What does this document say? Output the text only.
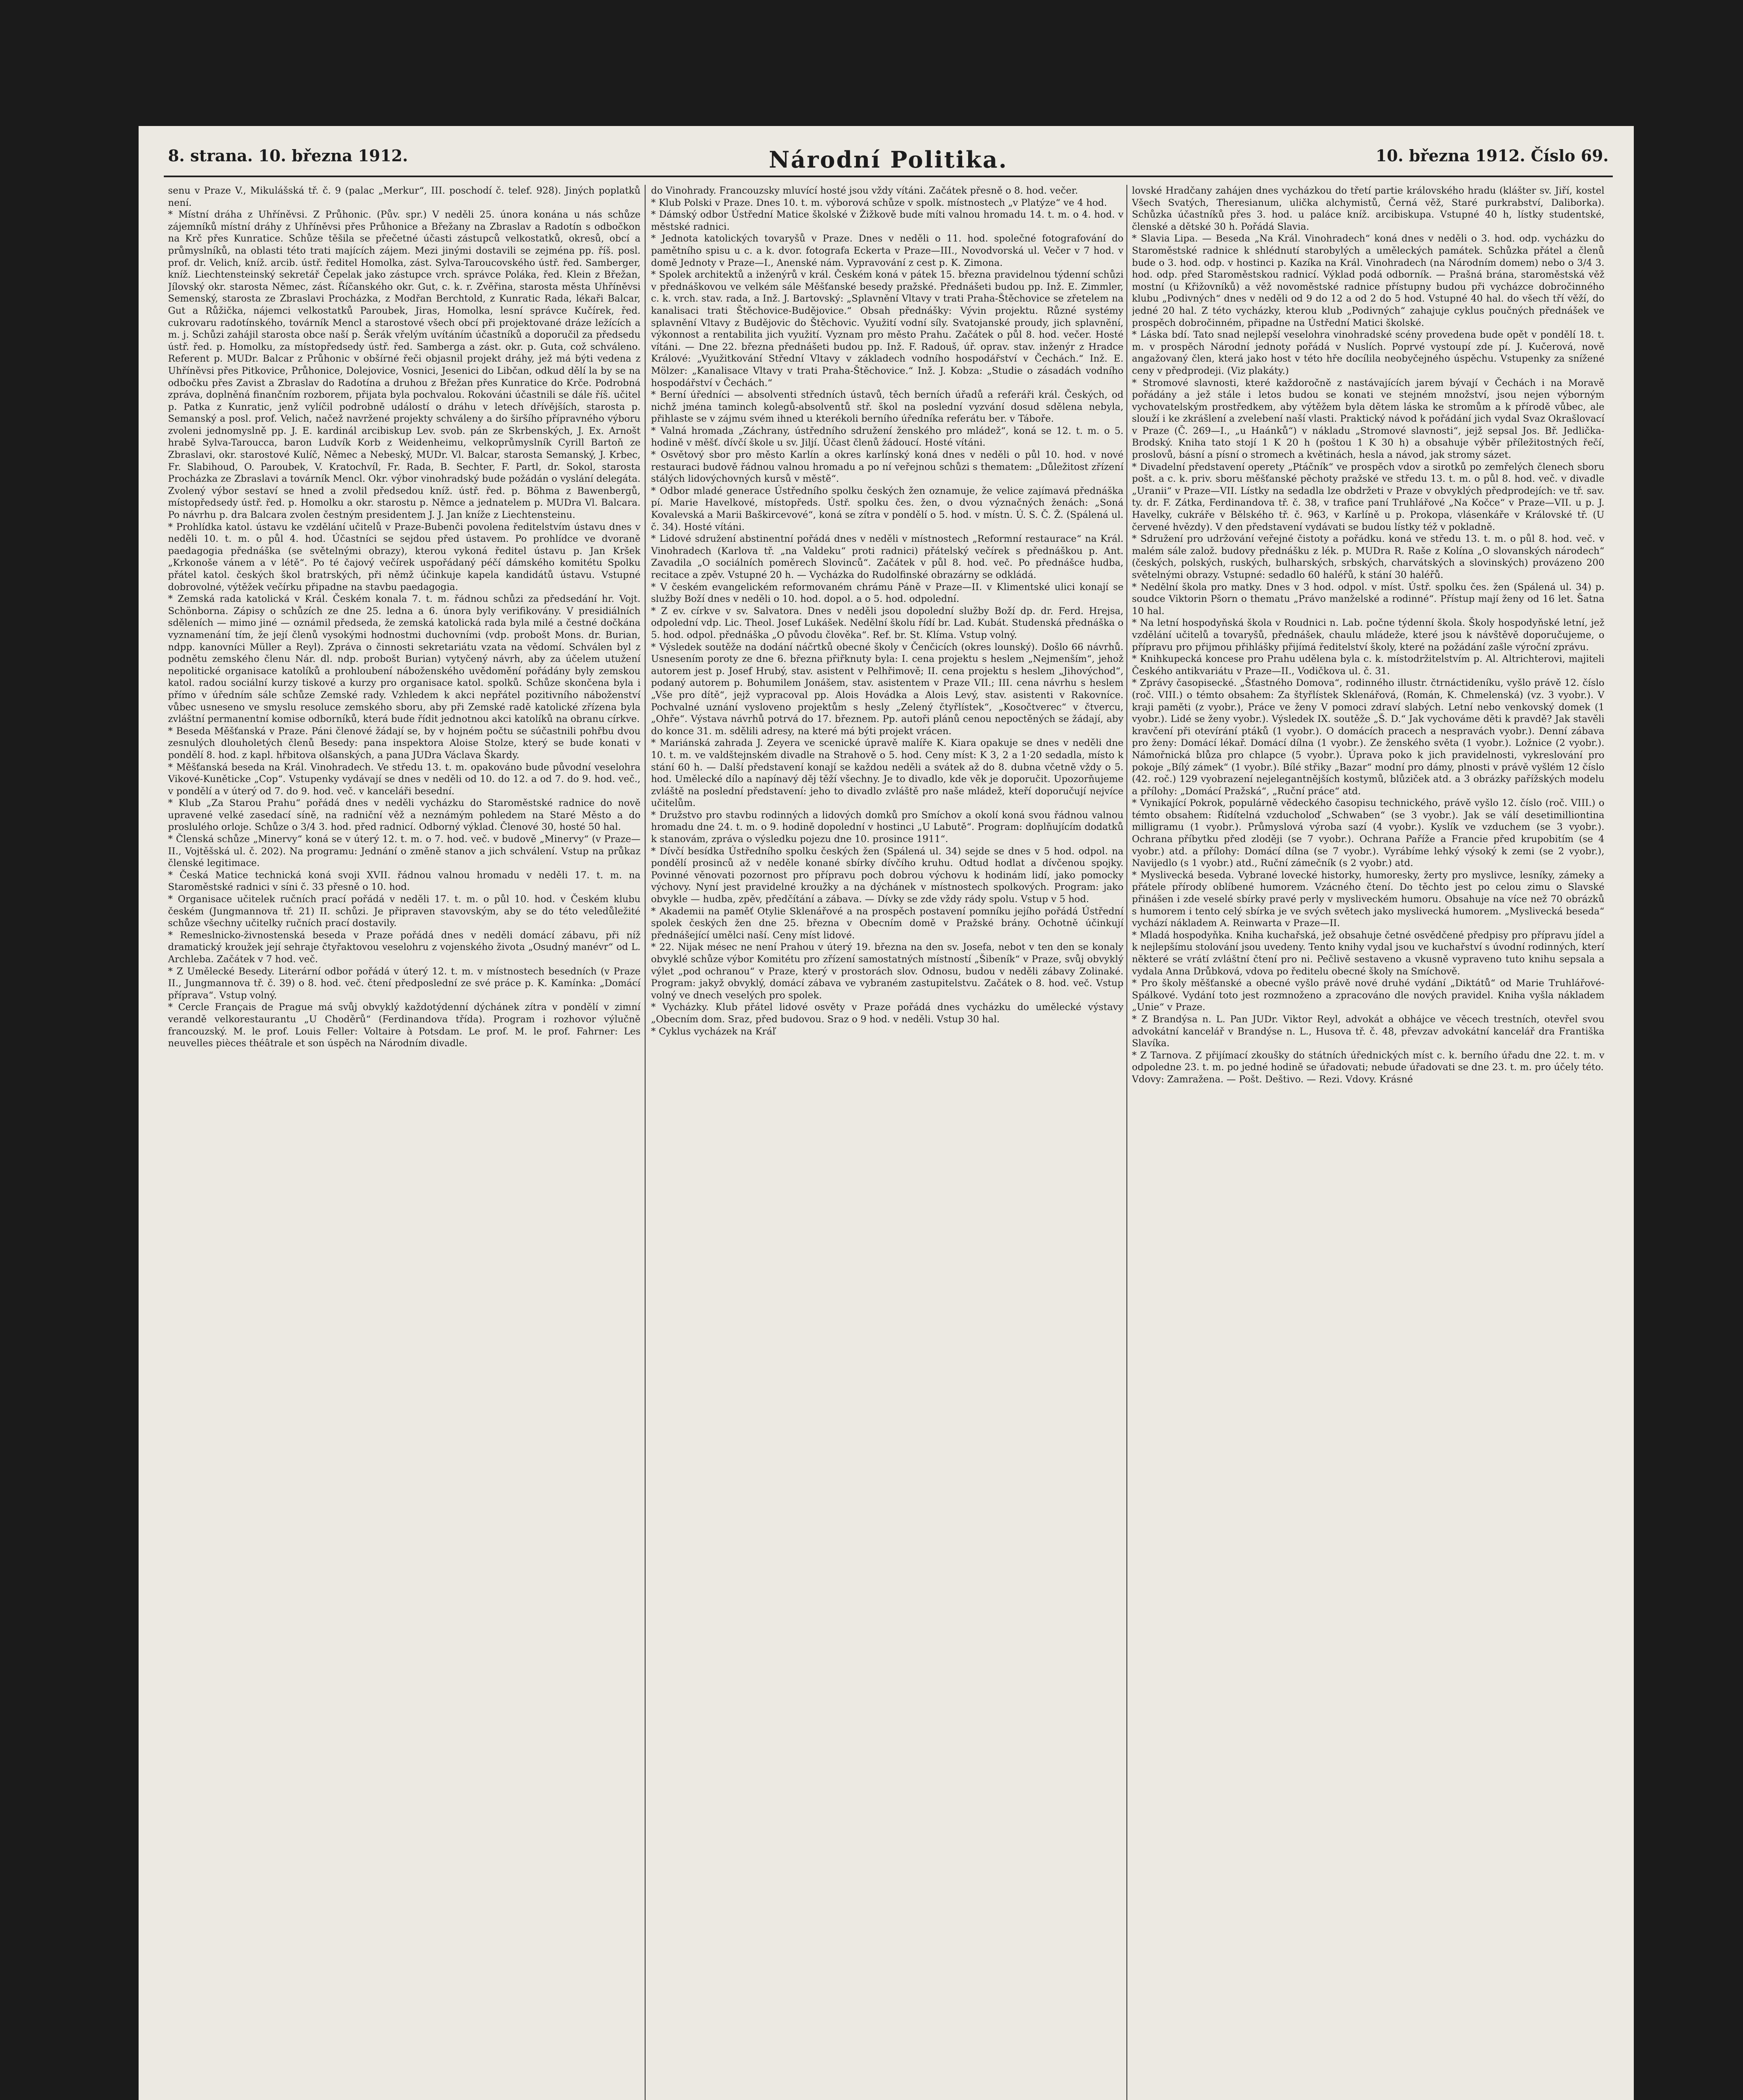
8. strana. 10. března 1912.	Národní Politika.	10. března 1912. Číslo 69.

senu v Praze V., Mikulášská tř. č. 9 (palac „Merkur“, III. poschodí č. telef. 928). Jiných poplatků není.

* Místní dráha z Uhříněvsi. Z Průhonic. (Pův. spr.) V neděli 25. února konána u nás schůze zájemníků místní dráhy z Uhříněvsi přes Průhonice a Břežany na Zbraslav a Radotín s odbočkon na Krč přes Kunratice. Schůze těšila se přečetné účasti zástupců velkostatků, okresů, obcí a průmyslníků, na oblasti této trati majících zájem. Mezi jinými dostavili se zejména pp. říš. posl. prof. dr. Velich, kníž. arcib. ústř. ředitel Homolka, zást. Sylva-Taroucovského ústř. řed. Samberger, kníž. Liechtensteinský sekretář Čepelak jako zástupce vrch. správce Poláka, řed. Klein z Břežan, Jílovský okr. starosta Němec, zást. Říčanského okr. Gut, c. k. r. Zvěřina, starosta města Uhříněvsi Semenský, starosta ze Zbraslavi Procházka, z Modřan Berchtold, z Kunratic Rada, lékaři Balcar, Gut a Růžička, nájemci velkostatků Paroubek, Jiras, Homolka, lesní správce Kučírek, řed. cukrovaru radotínského, továrník Mencl a starostové všech obcí při projektované dráze ležících a m. j. Schůzi zahájil starosta obce naší p. Šerák vřelým uvítáním účastníků a doporučil za předsedu ústř. řed. p. Homolku, za místopředsedy ústř. řed. Samberga a zást. okr. p. Guta, což schváleno. Referent p. MUDr. Balcar z Průhonic v obšírné řeči objasnil projekt dráhy, jež má býti vedena z Uhříněvsi přes Pitkovice, Průhonice, Dolejovice, Vosnici, Jesenici do Libčan, odkud dělí la by se na odbočku přes Zavist a Zbraslav do Radotína a druhou z Břežan přes Kunratice do Krče. Podrobná zpráva, doplněná finančním rozborem, přijata byla pochvalou. Rokováni účastnili se dále říš. učitel p. Patka z Kunratic, jenž vylíčil podrobně událostí o dráhu v letech dřívějších, starosta p. Semanský a posl. prof. Velich, načež navržené projekty schváleny a do širšího přípravného výboru zvoleni jednomyslně pp. J. E. kardinál arcibiskup Lev. svob. pán ze Skrbenských, J. Ex. Arnošt hrabě Sylva-Taroucca, baron Ludvík Korb z Weidenheimu, velkoprůmyslník Cyrill Bartoň ze Zbraslavi, okr. starostové Kulíč, Němec a Nebeský, MUDr. Vl. Balcar, starosta Semanský, J. Krbec, Fr. Slabihoud, O. Paroubek, V. Kratochvíl, Fr. Rada, B. Sechter, F. Partl, dr. Sokol, starosta Procházka ze Zbraslavi a továrník Mencl. Okr. výbor vinohradský bude požádán o vyslání delegáta. Zvolený výbor sestaví se hned a zvolil předsedou kníž. ústř. řed. p. Böhma z Bawenbergů, místopředsedy ústř. řed. p. Homolku a okr. starostu p. Němce a jednatelem p. MUDra Vl. Balcara. Po návrhu p. dra Balcara zvolen čestným presidentem J. J. Jan kníže z Liechtensteinu.

* Prohlídka katol. ústavu ke vzdělání učitelů v Praze-Bubenči povolena ředitelstvím ústavu dnes v neděli 10. t. m. o půl 4. hod. Účastníci se sejdou před ústavem. Po prohlídce ve dvoraně paedagogia přednáška (se světelnými obrazy), kterou vykoná ředitel ústavu p. Jan Kršek „Krkonoše vánem a v létě“. Po té čajový večírek uspořádaný péčí dámského komitétu Spolku přátel katol. českých škol bratrských, při němž účinkuje kapela kandidátů ústavu. Vstupné dobrovolné, výtěžek večírku připadne na stavbu paedagogia.

* Zemská rada katolická v Král. Českém konala 7. t. m. řádnou schůzi za předsedání hr. Vojt. Schönborna. Zápisy o schůzích ze dne 25. ledna a 6. února byly verifikovány. V presidiálních sděleních — mimo jiné — oznámil předseda, že zemská katolická rada byla milé a čestné dočkána vyznamenání tím, že její členů vysokými hodnostmi duchovními (vdp. probošt Mons. dr. Burian, ndpp. kanovníci Müller a Reyl). Zpráva o činnosti sekretariátu vzata na vědomí. Schválen byl z podnětu zemského členu Nár. dl. ndp. probošt Burian) vytyčený návrh, aby za účelem utužení nepolitické organisace katolíků a prohloubení náboženského uvědomění pořádány byly zemskou katol. radou sociální kurzy tiskové a kurzy pro organisace katol. spolků. Schůze skončena byla i přímo v úředním sále schůze Zemské rady. Vzhledem k akci nepřátel pozitivního náboženství vůbec usneseno ve smyslu resoluce zemského sboru, aby při Zemské radě katolické zřízena byla zvláštní permanentní komise odborníků, která bude řídit jednotnou akci katolíků na obranu církve.

* Beseda Měšťanská v Praze. Páni členové žádají se, by v hojném počtu se súčastnili pohřbu dvou zesnulých dlouholetých členů Besedy: pana inspektora Aloise Stolze, který se bude konati v pondělí 8. hod. z kapl. hřbitova olšanských, a pana JUDra Václava Škardy.

* Měšťanská beseda na Král. Vinohradech. Ve středu 13. t. m. opakováno bude původní veselohra Vikové-Kuněticke „Cop“. Vstupenky vydávají se dnes v neděli od 10. do 12. a od 7. do 9. hod. več., v pondělí a v úterý od 7. do 9. hod. več. v kanceláři besední.

* Klub „Za Starou Prahu“ pořádá dnes v neděli vycházku do Staroměstské radnice do nově upravené velké zasedací síně, na radniční věž a neznámým pohledem na Staré Město a do proslulého orloje. Schůze o 3/4 3. hod. před radnicí. Odborný výklad. Členové 30, hosté 50 hal.

* Členská schůze „Minervy“ koná se v úterý 12. t. m. o 7. hod. več. v budově „Minervy“ (v Praze—II., Vojtěšská ul. č. 202). Na programu: Jednání o změně stanov a jich schválení. Vstup na průkaz členské legitimace.

* Česká Matice technická koná svoji XVII. řádnou valnou hromadu v neděli 17. t. m. na Staroměstské radnici v síni č. 33 přesně o 10. hod.

* Organisace učitelek ručních prací pořádá v neděli 17. t. m. o půl 10. hod. v Českém klubu českém (Jungmannova tř. 21) II. schůzi. Je připraven stavovským, aby se do této veledůležité schůze všechny učitelky ručních prací dostavily.

* Remeslnicko-živnostenská beseda v Praze pořádá dnes v neděli domácí zábavu, při níž dramatický kroužek její sehraje čtyřaktovou veselohru z vojenského života „Osudný manévr“ od L. Archleba. Začátek v 7 hod. več.

* Z Umělecké Besedy. Literární odbor pořádá v úterý 12. t. m. v místnostech besedních (v Praze II., Jungmannova tř. č. 39) o 8. hod. več. čtení předposlední ze své práce p. K. Kamínka: „Domácí příprava“. Vstup volný.

* Cercle Français de Prague má svůj obvyklý každotýdenní dýchánek zítra v pondělí v zimní verandě velkorestaurantu „U Choděrů“ (Ferdinandova třída). Program i rozhovor výlučně francouzský. M. le prof. Louis Feller: Voltaire à Potsdam. Le prof. M. le prof. Fahrner: Les neuvelles pièces théâtrale et son úspěch na Národním divadle.

do Vinohrady. Francouzsky mluvící hosté jsou vždy vítáni. Začátek přesně o 8. hod. večer.

* Klub Polski v Praze. Dnes 10. t. m. výborová schůze v spolk. místnostech „v Platýze“ ve 4 hod.

* Dámský odbor Ústřední Matice školské v Žižkově bude míti valnou hromadu 14. t. m. o 4. hod. v městské radnici.

* Jednota katolických tovaryšů v Praze. Dnes v neděli o 11. hod. společné fotografování do pamětního spisu u c. a k. dvor. fotografa Eckerta v Praze—III., Novodvorská ul. Večer v 7 hod. v domě Jednoty v Praze—I., Anenské nám. Vypravování z cest p. K. Zimona.

* Spolek architektů a inženýrů v král. Českém koná v pátek 15. března pravidelnou týdenní schůzi v přednáškovou ve velkém sále Měšťanské besedy pražské. Přednášeti budou pp. Inž. E. Zimmler, c. k. vrch. stav. rada, a Inž. J. Bartovský: „Splavnění Vltavy v trati Praha-Štěchovice se zřetelem na kanalisaci trati Štěchovice-Budějovice.“ Obsah přednášky: Vývin projektu. Různé systémy splavnění Vltavy z Budějovic do Štěchovic. Využití vodní síly. Svatojanské proudy, jich splavnění, výkonnost a rentabilita jich využití. Vyznam pro město Prahu. Začátek o půl 8. hod. večer. Hosté vítáni. — Dne 22. března přednášeti budou pp. Inž. F. Radouš, úř. oprav. stav. inženýr z Hradce Králové: „Využitkování Střední Vltavy v základech vodního hospodářství v Čechách.“ Inž. E. Mölzer: „Kanalisace Vltavy v trati Praha-Štěchovice.“ Inž. J. Kobza: „Studie o zásadách vodního hospodářství v Čechách.“

* Berní úředníci — absolventi středních ústavů, těch berních úřadů a referáři král. Českých, od nichž jména taminch kolegů-absolventů stř. škol na poslední vyzvání dosud sdělena nebyla, přihlaste se v zájmu svém ihned u kterékoli berního úředníka referátu ber. v Táboře.

* Valná hromada „Záchrany, ústředního sdružení ženského pro mládež“, koná se 12. t. m. o 5. hodině v měšť. dívčí škole u sv. Jiljí. Účast členů žádoucí. Hosté vítáni.

* Osvětový sbor pro město Karlín a okres karlínský koná dnes v neděli o půl 10. hod. v nové restauraci budově řádnou valnou hromadu a po ní veřejnou schůzi s thematem: „Důležitost zřízení stálých lidovýchovných kursů v městě“.

* Odbor mladé generace Ústředního spolku českých žen oznamuje, že velice zajímavá přednáška pí. Marie Havelkové, místopředs. Ústř. spolku čes. žen, o dvou význačných ženách: „Soná Kovalevská a Marii Baškircevové“, koná se zítra v pondělí o 5. hod. v místn. Ú. S. Č. Ž. (Spálená ul. č. 34). Hosté vítáni.

* Lidové sdružení abstinentní pořádá dnes v neděli v místnostech „Reformní restaurace“ na Král. Vinohradech (Karlova tř. „na Valdeku“ proti radnici) přátelský večírek s přednáškou p. Ant. Zavadila „O sociálních poměrech Slovinců“. Začátek v půl 8. hod. več. Po přednášce hudba, recitace a zpěv. Vstupné 20 h. — Vycházka do Rudolfinské obrazárny se odkládá.

* V českém evangelickém reformovaném chrámu Páně v Praze—II. v Klimentské ulici konají se služby Boží dnes v neděli o 10. hod. dopol. a o 5. hod. odpolední.

* Z ev. církve v sv. Salvatora. Dnes v neděli jsou dopolední služby Boží dp. dr. Ferd. Hrejsa, odpolední vdp. Lic. Theol. Josef Lukášek. Nedělní školu řídí br. Lad. Kubát. Studenská přednáška o 5. hod. odpol. přednáška „O původu člověka“. Ref. br. St. Klíma. Vstup volný.

* Výsledek soutěže na dodání náčrtků obecné školy v Čenčicích (okres lounský). Došlo 66 návrhů. Usnesením poroty ze dne 6. března přiřknuty byla: I. cena projektu s heslem „Nejmenším“, jehož autorem jest p. Josef Hrubý, stav. asistent v Pelhřimově; II. cena projektu s heslem „Jihovýchod“, podaný autorem p. Bohumilem Jonášem, stav. asistentem v Praze VII.; III. cena návrhu s heslem „Vše pro dítě“, jejž vypracoval pp. Alois Hovádka a Alois Levý, stav. asistenti v Rakovníce. Pochvalné uznání vysloveno projektům s hesly „Zelený čtyřlístek“, „Kosočtverec“ v čtvercu, „Ohře“. Výstava návrhů potrvá do 17. březnem. Pp. autoři plánů cenou nepoctěných se žádají, aby do konce 31. m. sdělili adresy, na které má býti projekt vrácen.

* Mariánská zahrada J. Zeyera ve scenické úpravě malíře K. Kiara opakuje se dnes v neděli dne 10. t. m. ve valdštejnském divadle na Strahově o 5. hod. Ceny míst: K 3, 2 a 1·20 sedadla, místo k stání 60 h. — Další představení konají se každou neděli a svátek až do 8. dubna včetně vždy o 5. hod. Umělecké dílo a napínavý děj těží všechny. Je to divadlo, kde věk je doporučit. Upozorňujeme zvláště na poslední představení: jeho to divadlo zvláště pro naše mládež, kteří doporučují nejvíce učitelům.

* Družstvo pro stavbu rodinných a lidových domků pro Smíchov a okolí koná svou řádnou valnou hromadu dne 24. t. m. o 9. hodině dopolední v hostinci „U Labutě“. Program: doplňujícím dodatků k stanovám, zpráva o výsledku pojezu dne 10. prosince 1911“.

* Dívčí besídka Ústředního spolku českých žen (Spálená ul. 34) sejde se dnes v 5 hod. odpol. na pondělí prosinců až v neděle konané sbírky dívčího kruhu. Odtud hodlat a dívčenou spojky. Povinné věnovati pozornost pro přípravu poch dobrou výchovu k hodinám lidí, jako pomocky výchovy. Nyní jest pravidelné kroužky a na dýchánek v místnostech spolkových. Program: jako obvykle — hudba, zpěv, předčítání a zábava. — Dívky se zde vždy rády spolu. Vstup v 5 hod.

* Akademii na paměť Otylie Sklenářové a na prospěch postavení pomníku jejího pořádá Ústřední spolek českých žen dne 25. března v Obecním domě v Pražské brány. Ochotně účinkují přednášející umělci naší. Ceny míst lidové.

* 22. Nijak mésec ne není Prahou v úterý 19. března na den sv. Josefa, nebot v ten den se konaly obvyklé schůze výbor Komitétu pro zřízení samostatných místností „Šibeník“ v Praze, svůj obvyklý výlet „pod ochranou“ v Praze, který v prostorách slov. Odnosu, budou v neděli zábavy Zolinaké. Program: jakyž obvyklý, domácí zábava ve vybraném zastupitelstvu. Začátek o 8. hod. več. Vstup volný ve dnech veselých pro spolek.

* Vycházky. Klub přátel lidové osvěty v Praze pořádá dnes vycházku do umělecké výstavy „Obecním dom. Sraz, před budovou. Sraz o 9 hod. v neděli. Vstup 30 hal.

* Cyklus vycházek na Kráľ

lovské Hradčany zahájen dnes vycházkou do třetí partie královského hradu (klášter sv. Jiří, kostel Všech Svatých, Theresianum, ulička alchymistů, Černá věž, Staré purkrabství, Daliborka). Schůzka účastníků přes 3. hod. u paláce kníž. arcibiskupa. Vstupné 40 h, lístky studentské, členské a dětské 30 h. Pořádá Slavia.

* Slavia Lipa. — Beseda „Na Král. Vinohradech“ koná dnes v neděli o 3. hod. odp. vycházku do Staroměstské radnice k shlédnutí starobylých a uměleckých památek. Schůzka přátel a členů bude o 3. hod. odp. v hostinci p. Kazíka na Král. Vinohradech (na Národním domem) nebo o 3/4 3. hod. odp. před Staroměstskou radnicí. Výklad podá odborník. — Prašná brána, staroměstská věž mostní (u Křižovníků) a věž novoměstské radnice přístupny budou při vycházce dobročinného klubu „Podivných“ dnes v neděli od 9 do 12 a od 2 do 5 hod. Vstupné 40 hal. do všech tří věží, do jedné 20 hal. Z této vycházky, kterou klub „Podivných“ zahajuje cyklus poučných přednášek ve prospěch dobročinném, připadne na Ústřední Matici školské.

* Láska bdí. Tato snad nejlepší veselohra vinohradské scény provedena bude opět v pondělí 18. t. m. v prospěch Národní jednoty pořádá v Nuslích. Poprvé vystoupí zde pí. J. Kučerová, nově angažovaný člen, která jako host v této hře docílila neobyčejného úspěchu. Vstupenky za snížené ceny v předprodeji. (Viz plakáty.)

* Stromové slavnosti, které každoročně z nastávajících jarem bývají v Čechách i na Moravě pořádány a jež stále i letos budou se konati ve stejném množství, jsou nejen výborným vychovatelským prostředkem, aby výtěžem byla dětem láska ke stromům a k přírodě vůbec, ale slouží i ke zkrášlení a zvelebení naší vlasti. Praktický návod k pořádání jich vydal Svaz Okrašlovací v Praze (Č. 269—I., „u Haánků“) v nákladu „Stromové slavnosti“, jejž sepsal Jos. Bř. Jedlička-Brodský. Kniha tato stojí 1 K 20 h (poštou 1 K 30 h) a obsahuje výběr příležitostných řečí, proslovů, básní a písní o stromech a květinách, hesla a návod, jak stromy sázet.

* Divadelní představení operety „Ptáčník“ ve prospěch vdov a sirotků po zemřelých členech sboru pošt. a c. k. priv. sboru měšťanské pěchoty pražské ve středu 13. t. m. o půl 8. hod. več. v divadle „Uranii“ v Praze—VII. Lístky na sedadla lze obdržeti v Praze v obvyklých předprodejích: ve tř. sav. ty. dr. F. Zátka, Ferdinandova tř. č. 38, v trafice paní Truhlářové „Na Kočce“ v Praze—VII. u p. J. Havelky, cukráře v Bělského tř. č. 963, v Karlíně u p. Prokopa, vlásenkáře v Královské tř. (U červené hvězdy). V den představení vydávati se budou lístky též v pokladně.

* Sdružení pro udržování veřejné čistoty a pořádku. koná ve středu 13. t. m. o půl 8. hod. več. v malém sále založ. budovy přednášku z lék. p. MUDra R. Raše z Kolína „O slovanských národech“ (českých, polských, ruských, bulharských, srbských, charvátských a slovinských) provázeno 200 světelnými obrazy. Vstupné: sedadlo 60 haléřů, k stání 30 haléřů.

* Nedělní škola pro matky. Dnes v 3 hod. odpol. v míst. Ústř. spolku čes. žen (Spálená ul. 34) p. soudce Viktorin Pšorn o thematu „Právo manželské a rodinné“. Přístup mají ženy od 16 let. Šatna 10 hal.

* Na letní hospodyňská škola v Roudnici n. Lab. počne týdenní škola. Školy hospodyňské letní, jež vzdělání učitelů a tovaryšů, přednášek, chaulu mládeže, které jsou k návštěvě doporučujeme, o přípravu pro přijmou přihlášky přijímá ředitelství školy, které na požádání zašle výroční zprávu.

* Knihkupecká koncese pro Prahu udělena byla c. k. místodržitelstvím p. Al. Altrichterovi, majiteli Českého antikvariátu v Praze—II., Vodičkova ul. č. 31.

* Zprávy časopisecké. „Šťastného Domova“, rodinného illustr. čtrnáctideníku, vyšlo právě 12. číslo (roč. VIII.) o témto obsahem: Za štyřlístek Sklenářová, (Román, K. Chmelenská) (vz. 3 vyobr.). V kraji paměti (z vyobr.), Práce ve ženy V pomoci zdraví slabých. Letní nebo venkovský domek (1 vyobr.). Lidé se ženy vyobr.). Výsledek IX. soutěže „Š. D.“ Jak vychováme děti k pravdě? Jak stavěli kravčení při otevírání ptáků (1 vyobr.). O domácích pracech a nespravách vyobr.). Denní zábava pro ženy: Domácí lékař. Domácí dílna (1 vyobr.). Ze ženského světa (1 vyobr.). Ložnice (2 vyobr.). Námořnická blůza pro chlapce (5 vyobr.). Úprava poko k jich pravidelnosti, vykreslování pro pokoje „Bílý zámek“ (1 vyobr.). Bílé střiky „Bazar“ modní pro dámy, plnosti v právě vyšlém 12 číslo (42. roč.) 129 vyobrazení nejelegantnějších kostymů, blůziček atd. a 3 obrázky pařížských modelu a přílohy: „Domácí Pražská“, „Ruční práce“ atd.

* Vynikající Pokrok, populárně vědeckého časopisu technického, právě vyšlo 12. číslo (roč. VIII.) o témto obsahem: Řidítelná vzducholoď „Schwaben“ (se 3 vyobr.). Jak se válí desetimilliontina milligramu (1 vyobr.). Průmyslová výroba sazí (4 vyobr.). Kyslík ve vzduchem (se 3 vyobr.). Ochrana příbytku před zloději (se 7 vyobr.). Ochrana Paříže a Francie před krupobitím (se 4 vyobr.) atd. a přílohy: Domácí dílna (se 7 vyobr.). Vyrábíme lehký výsoký k zemi (se 2 vyobr.), Navijedlo (s 1 vyobr.) atd., Ruční zámečník (s 2 vyobr.) atd.

* Myslivecká beseda. Vybrané lovecké historky, humoresky, žerty pro myslivce, lesníky, zámeky a přátele přírody oblíbené humorem. Vzácného čtení. Do těchto jest po celou zimu o Slavské přinášen i zde veselé sbírky pravé perly v mysliveckém humoru. Obsahuje na více než 70 obrázků s humorem i tento celý sbírka je ve svých světech jako myslivecká humorem. „Myslivecká beseda“ vychází nákladem A. Reinwarta v Praze—II.

* Mladá hospodyňka. Kniha kuchařská, jež obsahuje četné osvědčené předpisy pro přípravu jídel a k nejlepšímu stolování jsou uvedeny. Tento knihy vydal jsou ve kuchařství s úvodní rodinných, kterí některé se vrátí zvláštní čtení pro ni. Pečlivě sestaveno a vkusně vypraveno tuto knihu sepsala a vydala Anna Drůbková, vdova po ředitelu obecné školy na Smíchově.

* Pro školy měšťanské a obecné vyšlo právě nové druhé vydání „Diktátů“ od Marie Truhlářové-Spálkové. Vydání toto jest rozmnoženo a zpracováno dle nových pravidel. Kniha vyšla nákladem „Unie“ v Praze.

* Z Brandýsa n. L. Pan JUDr. Viktor Reyl, advokát a obhájce ve věcech trestních, otevřel svou advokátní kancelář v Brandýse n. L., Husova tř. č. 48, převzav advokátní kancelář dra Františka Slavíka.

* Z Tarnova. Z přijímací zkoušky do státních úřednických míst c. k. berního úřadu dne 22. t. m. v odpoledne 23. t. m. po jedné hodině se úřadovati; nebude úřadovati se dne 23. t. m. pro účely této.

Vdovy: Zamražena. — Pošt. Deštivo. — Rezi. Vdovy. Krásné
